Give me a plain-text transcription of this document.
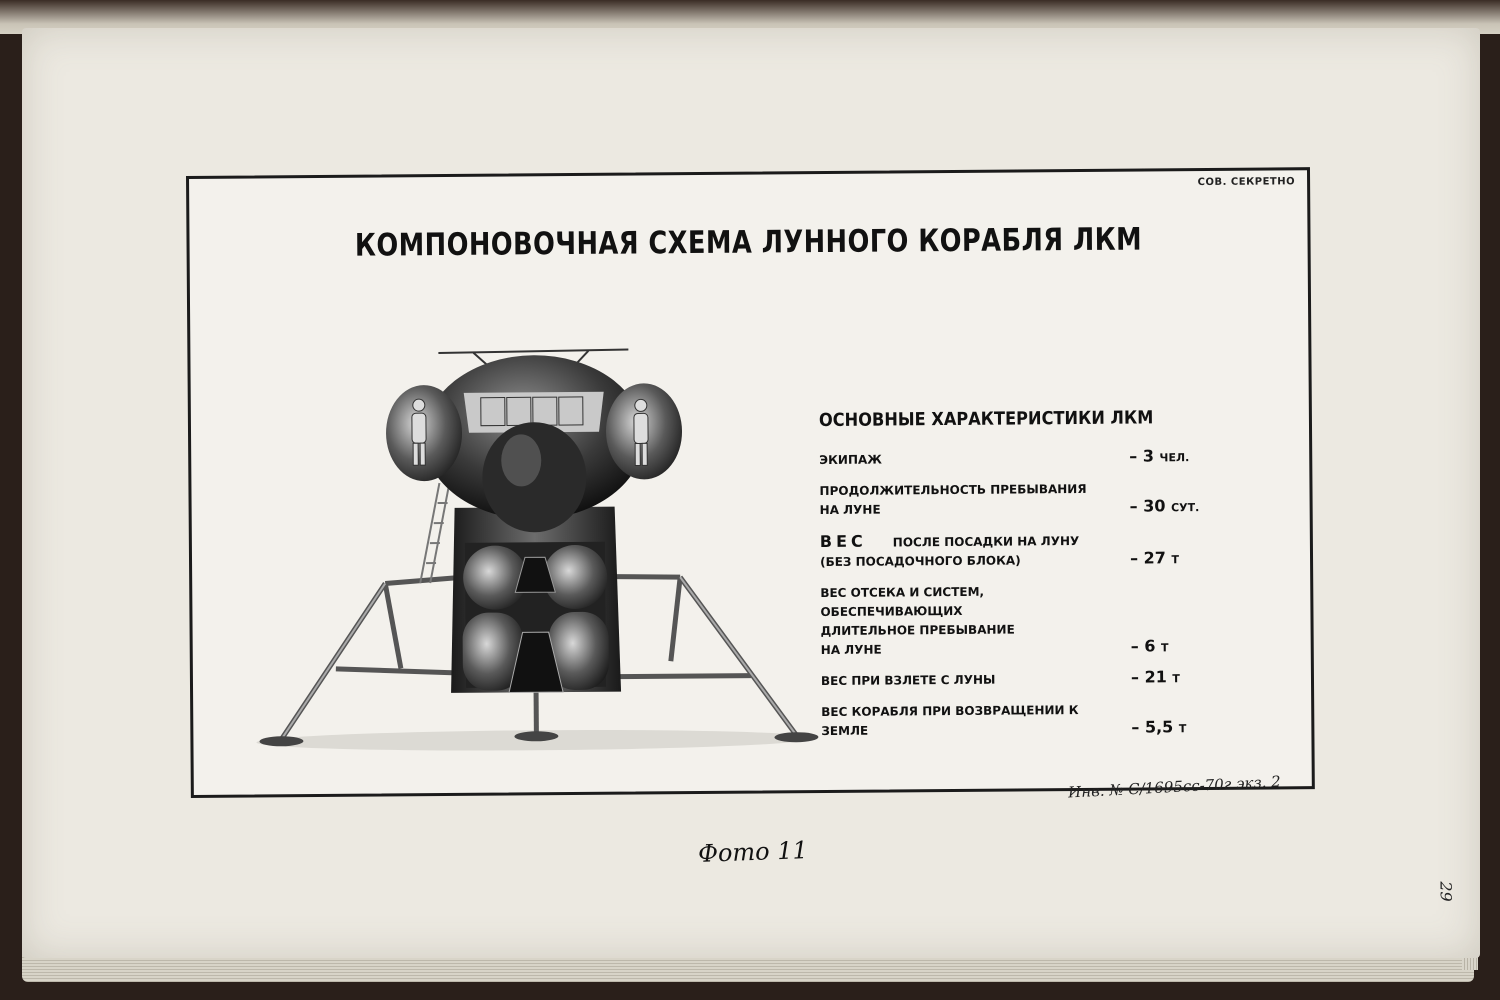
СОВ. СЕКРЕТНО
КОМПОНОВОЧНАЯ СХЕМА ЛУННОГО КОРАБЛЯ ЛКМ
ОСНОВНЫЕ ХАРАКТЕРИСТИКИ ЛКМ
ЭКИПАЖ	– 3 ЧЕЛ.
ПРОДОЛЖИТЕЛЬНОСТЬ ПРЕБЫВАНИЯ
НА ЛУНЕ	– 30 СУТ.
ВЕС ПОСЛЕ ПОСАДКИ НА ЛУНУ
(БЕЗ ПОСАДОЧНОГО БЛОКА)	– 27 Т
ВЕС ОТСЕКА И СИСТЕМ, ОБЕСПЕЧИВАЮЩИХ
ДЛИТЕЛЬНОЕ ПРЕБЫВАНИЕ
НА ЛУНЕ	– 6 Т
ВЕС ПРИ ВЗЛЕТЕ С ЛУНЫ	– 21 Т
ВЕС КОРАБЛЯ ПРИ ВОЗВРАЩЕНИИ К ЗЕМЛЕ	– 5,5 Т
Инв. № С/1695сс-70г экз. 2
Фото 11
29
